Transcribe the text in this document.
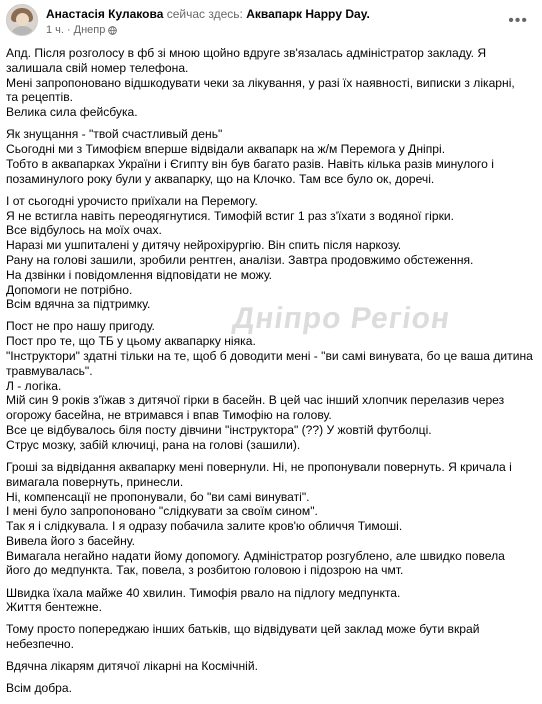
Анастасія Кулакова сейчас здесь: Аквапарк Happy Day.
1 ч. · Днепр
•••

Апд. Після розголосу в фб зі мною щойно вдруге зв'язалась адміністратор закладу. Я
залишала свій номер телефона.
Мені запропоновано відшкодувати чеки за лікування, у разі їх наявності, виписки з лікарні,
та рецептів.
Велика сила фейсбука.

Як знущання - "твой счастливый день"
Сьогодні ми з Тимофієм вперше відвідали аквапарк на ж/м Перемога у Дніпрі.
Тобто в аквапарках України і Єгипту він був багато разів. Навіть кілька разів минулого і
позаминулого року були у аквапарку, що на Клочко. Там все було ок, доречі.

І от сьогодні урочисто приїхали на Перемогу.
Я не встигла навіть переодягнутися. Тимофій встиг 1 раз з'їхати з водяної гірки.
Все відбулось на моїх очах.
Наразі ми ушпиталені у дитячу нейрохірургію. Він спить після наркозу.
Рану на голові зашили, зробили рентген, аналізи. Завтра продовжимо обстеження.
На дзвінки і повідомлення відповідати не можу.
Допомоги не потрібно.
Всім вдячна за підтримку.

Пост не про нашу пригоду.
Пост про те, що ТБ у цьому аквапарку ніяка.
"Інструктори" здатні тільки на те, щоб б доводити мені - "ви самі винувата, бо це ваша дитина
травмувалась".
Л - логіка.
Мій син 9 років з'їжав з дитячої гірки в басейн. В цей час інший хлопчик перелазив через
огорожу басейна, не втримався і впав Тимофію на голову.
Все це відбувалось біля посту дівчини "інструктора" (??) У жовтій футболці.
Струс мозку, забій ключиці, рана на голові (зашили).

Гроші за відвідання аквапарку мені повернули. Ні, не пропонували повернуть. Я кричала і
вимагала повернуть, принесли.
Ні, компенсації не пропонували, бо "ви самі винуваті".
І мені було запропоновано "слідкувати за своїм сином".
Так я і слідкувала. І я одразу побачила залите кров'ю обличчя Тимоші.
Вивела його з басейну.
Вимагала негайно надати йому допомогу. Адміністратор розгублено, але швидко повела
його до медпункта. Так, повела, з розбитою головою і підозрою на чмт.

Швидка їхала майже 40 хвилин. Тимофія рвало на підлогу медпункта.
Життя бентежне.

Тому просто попереджаю інших батьків, що відвідувати цей заклад може бути вкрай
небезпечно.

Вдячна лікарям дитячої лікарні на Космічній.

Всім добра.

Дніпро Регіон
